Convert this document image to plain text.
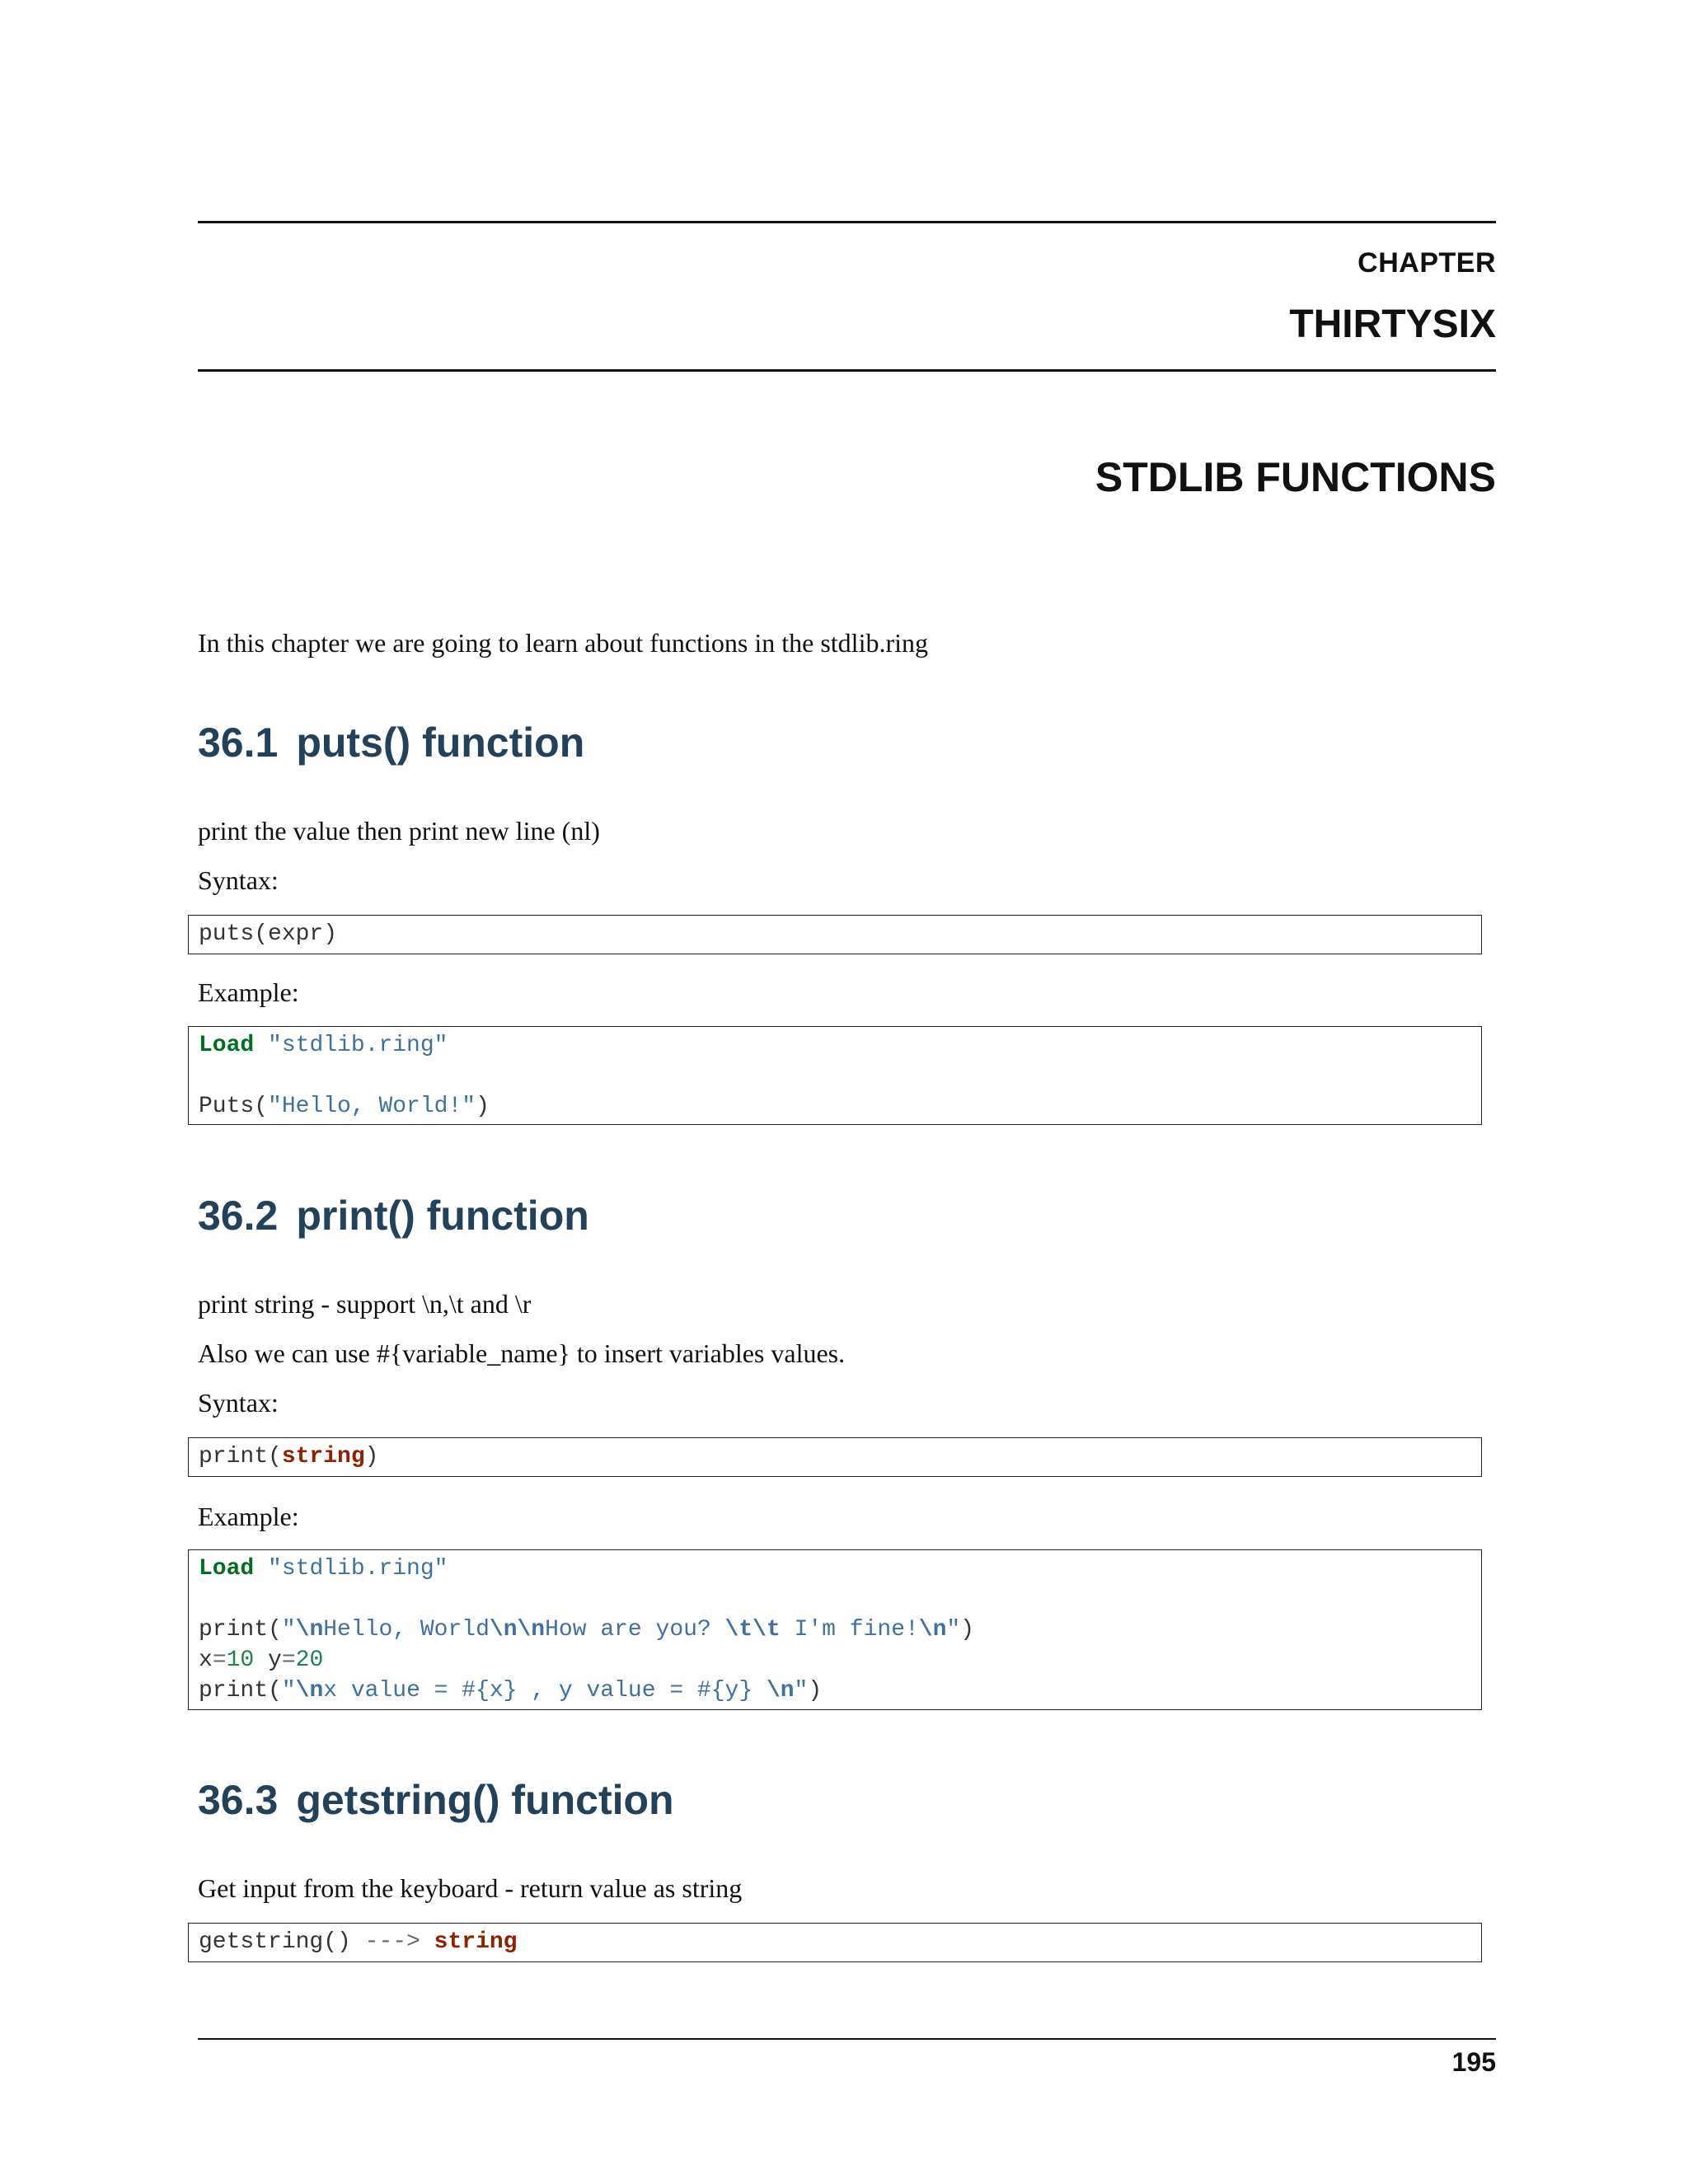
CHAPTER

THIRTYSIX

STDLIB FUNCTIONS

In this chapter we are going to learn about functions in the stdlib.ring

36.1 puts() function

print the value then print new line (nl)

Syntax:

puts(expr)

Example:

Load "stdlib.ring"
Puts("Hello, World!")
36.2 print() function

print string - support \n,\t and \r

Also we can use #{variable_name} to insert variables values.

Syntax:

print(string)

Example:

Load "stdlib.ring"
print("\nHello, World\n\nHow are you? \t\t I'm fine!\n")
x=10 y=20
print("\nx value = #{x} , y value = #{y} \n")
36.3 getstring() function

Get input from the keyboard - return value as string

getstring() ---> string

195
